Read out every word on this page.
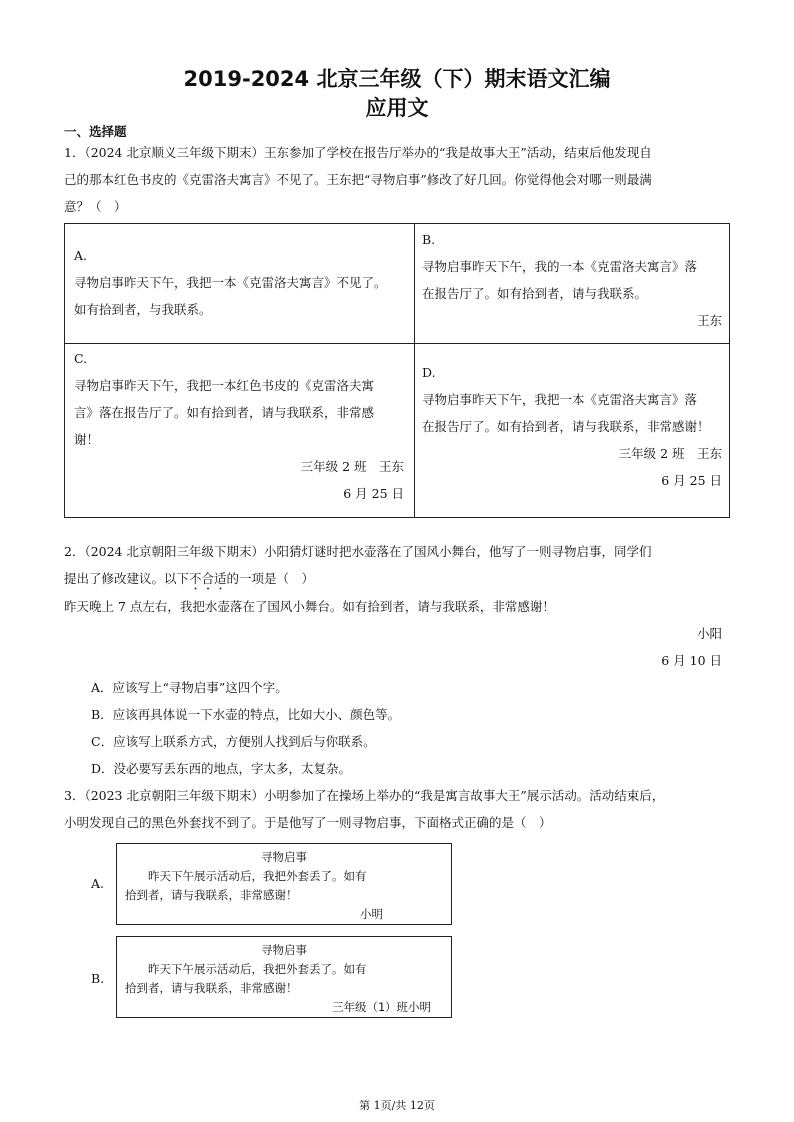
2019-2024 北京三年级（下）期末语文汇编
应用文
一、选择题
1．（2024 北京顺义三年级下期末）王东参加了学校在报告厅举办的“我是故事大王”活动，结束后他发现自
己的那本红色书皮的《克雷洛夫寓言》不见了。王东把“寻物启事”修改了好几回。你觉得他会对哪一则最满
意？（　）
A.
寻物启事昨天下午，我把一本《克雷洛夫寓言》不见了。
如有拾到者，与我联系。
B.
寻物启事昨天下午，我的一本《克雷洛夫寓言》落
在报告厅了。如有拾到者，请与我联系。
王东
C.
寻物启事昨天下午，我把一本红色书皮的《克雷洛夫寓
言》落在报告厅了。如有拾到者，请与我联系，非常感
谢！
三年级 2 班　王东
6 月 25 日
D.
寻物启事昨天下午，我把一本《克雷洛夫寓言》落
在报告厅了。如有拾到者，请与我联系，非常感谢！
三年级 2 班　王东
6 月 25 日
2．（2024 北京朝阳三年级下期末）小阳猜灯谜时把水壶落在了国风小舞台，他写了一则寻物启事，同学们
提出了修改建议。以下不合适的一项是（　）
昨天晚上 7 点左右，我把水壶落在了国风小舞台。如有拾到者，请与我联系，非常感谢！
小阳
6 月 10 日
A．应该写上“寻物启事”这四个字。
B．应该再具体说一下水壶的特点，比如大小、颜色等。
C．应该写上联系方式，方便别人找到后与你联系。
D．没必要写丢东西的地点，字太多，太复杂。
3．（2023 北京朝阳三年级下期末）小明参加了在操场上举办的“我是寓言故事大王”展示活动。活动结束后，
小明发现自己的黑色外套找不到了。于是他写了一则寻物启事，下面格式正确的是（　）
A.
寻物启事
昨天下午展示活动后，我把外套丢了。如有
拾到者，请与我联系，非常感谢！
小明
B.
寻物启事
昨天下午展示活动后，我把外套丢了。如有
拾到者，请与我联系，非常感谢！
三年级（1）班小明
第 1页/共 12页
